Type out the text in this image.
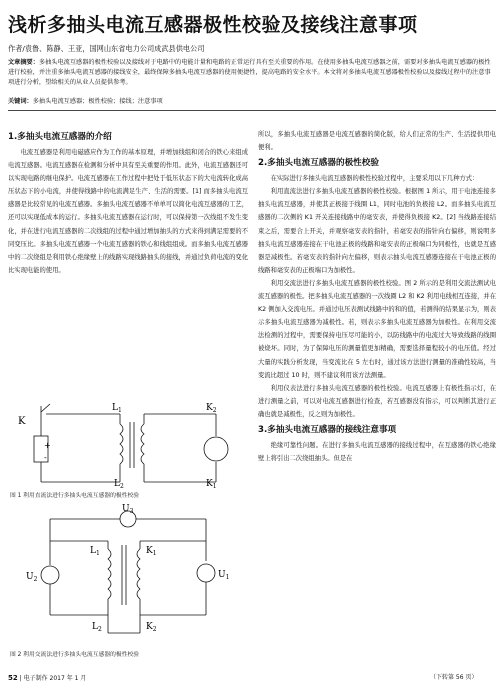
浅析多抽头电流互感器极性校验及接线注意事项
作者/袁鲁、陈静、王亚，国网山东省电力公司成武县供电公司
文章摘要：多抽头电流互感器的极性校验以及接线对于电路中的电能计量和电路的正常运行具有至关重要的作用。在使用多抽头电流互感器之前，需要对多抽头电流互感器的极性进行校验，并注重多抽头电流互感器的接线安全，最终保障多抽头电流互感器的使用便捷性，提高电路的安全水平。本文将对多抽头电流互感器极性校验以及接线过程中的注意事项进行分析，望给相关的从业人员提供参考。
关键词：多抽头电流互感器；极性校验；接线；注意事项
1.多抽头电流互感器的介绍

电流互感器是利用电磁感应作为工作的基本原理，并增加线组和闭合的铁心来组成电流互感器。电流互感器在检测和分析中具有至关重要的作用。此外，电流互感器还可以实现电路的继电保护。电流互感器在工作过程中把处于低压状态下的大电流转化成高压状态下的小电流，并使得线路中的电流满足生产、生活的需要。[1] 而多抽头电流互感器是比较常见的电流互感器。多抽头电流互感器不单单可以简化电流互感器的工艺，还可以实现低成本的运行。多抽头电流互感器在运行时，可以保持第一次线组不发生变化，并在进行电流互感器的二次线组的过程中通过增加抽头的方式来得到满足需要的不同变压比。多抽头电流互感器一个电流互感器的铁心和线组组成。而多抽头电流互感器中的二次绕组是利用铁心绝缘壁上的线路实现线路抽头的接线，并通过负荷电流的变化比实现电能的使用。

K
+
-
$L_1$	$K_2$
$L_2$	$K_1$
图 1 利用直流法进行多抽头电流互感器的极性校验
$U_3$
$L_1$	$K_1$
$U_2$	$U_1$
$L_2$	$K_2$
图 2 利用交流法进行多抽头电流互感器的极性校验

所以，多抽头电流互感器是电流互感器的简化版，给人们正常的生产、生活提供用电便利。

2.多抽头电流互感器的极性校验

在实际进行多抽头电流互感器的极性校验过程中，主要采用以下几种方式：

利用直流法进行多抽头电流互感器的极性校验。根据图 1 所示，用干电池连接多抽头电流互感器，并使其正极接于线圈 L1，同时电池的负极接 L2。而多抽头电流互感器的二次侧的 K1 开关连接线路中的毫安表，并使得负极接 K2。[2] 当线路连接结束之后，需要合上开关，并观察毫安表的指针，若毫安表的指针向右偏移，则说明多抽头电流互感器连接在干电池正极的线路和毫安表的正极端口为同极性，也就是互感器是减极性。若毫安表的指针向左偏移，则表示抽头电流互感器连接在干电池正极的线路和毫安表的正极端口为加极性。

利用交流法进行多抽头电流互感器的极性校验。图 2 所示的是利用交流法测试电流互感器的极性。把多抽头电流互感器的一次线圈 L2 和 K2 利用电线相互连接，并在 K2 侧加入交流电压。并通过电压表测试线路中的和的值，若测得的结果显示为，则表示多抽头电流互感器为减极性。若，则表示多抽头电流互感器为加极性。在利用交流法检测的过程中，需要保持电压尽可能的小，以防线路中的电流过大导致线路的线圈被烧坏。同时，为了保障电压的测量值更加精确，需要选择量程较小的电压值。经过大量的实践分析发现，当变流比在 5 左右时，通过该方法进行测量的准确性较高，当变流比超过 10 时，则不建议利用该方法测量。

利用仪表法进行多抽头电流互感器的极性校验。电流互感器上有极性指示灯，在进行测量之前，可以对电流互感器进行检查，若互感器没有指示，可以判断其进行正确也就是减极性，反之则为加极性。

3.多抽头电流互感器的接线注意事项

绝缘可靠性问题。在进行多抽头电流互感器的接线过程中，在互感器的铁心绝缘壁上将引出二次绕组抽头。但是在

（下转第 56 页）
52 | 电子制作 2017 年 1 月
